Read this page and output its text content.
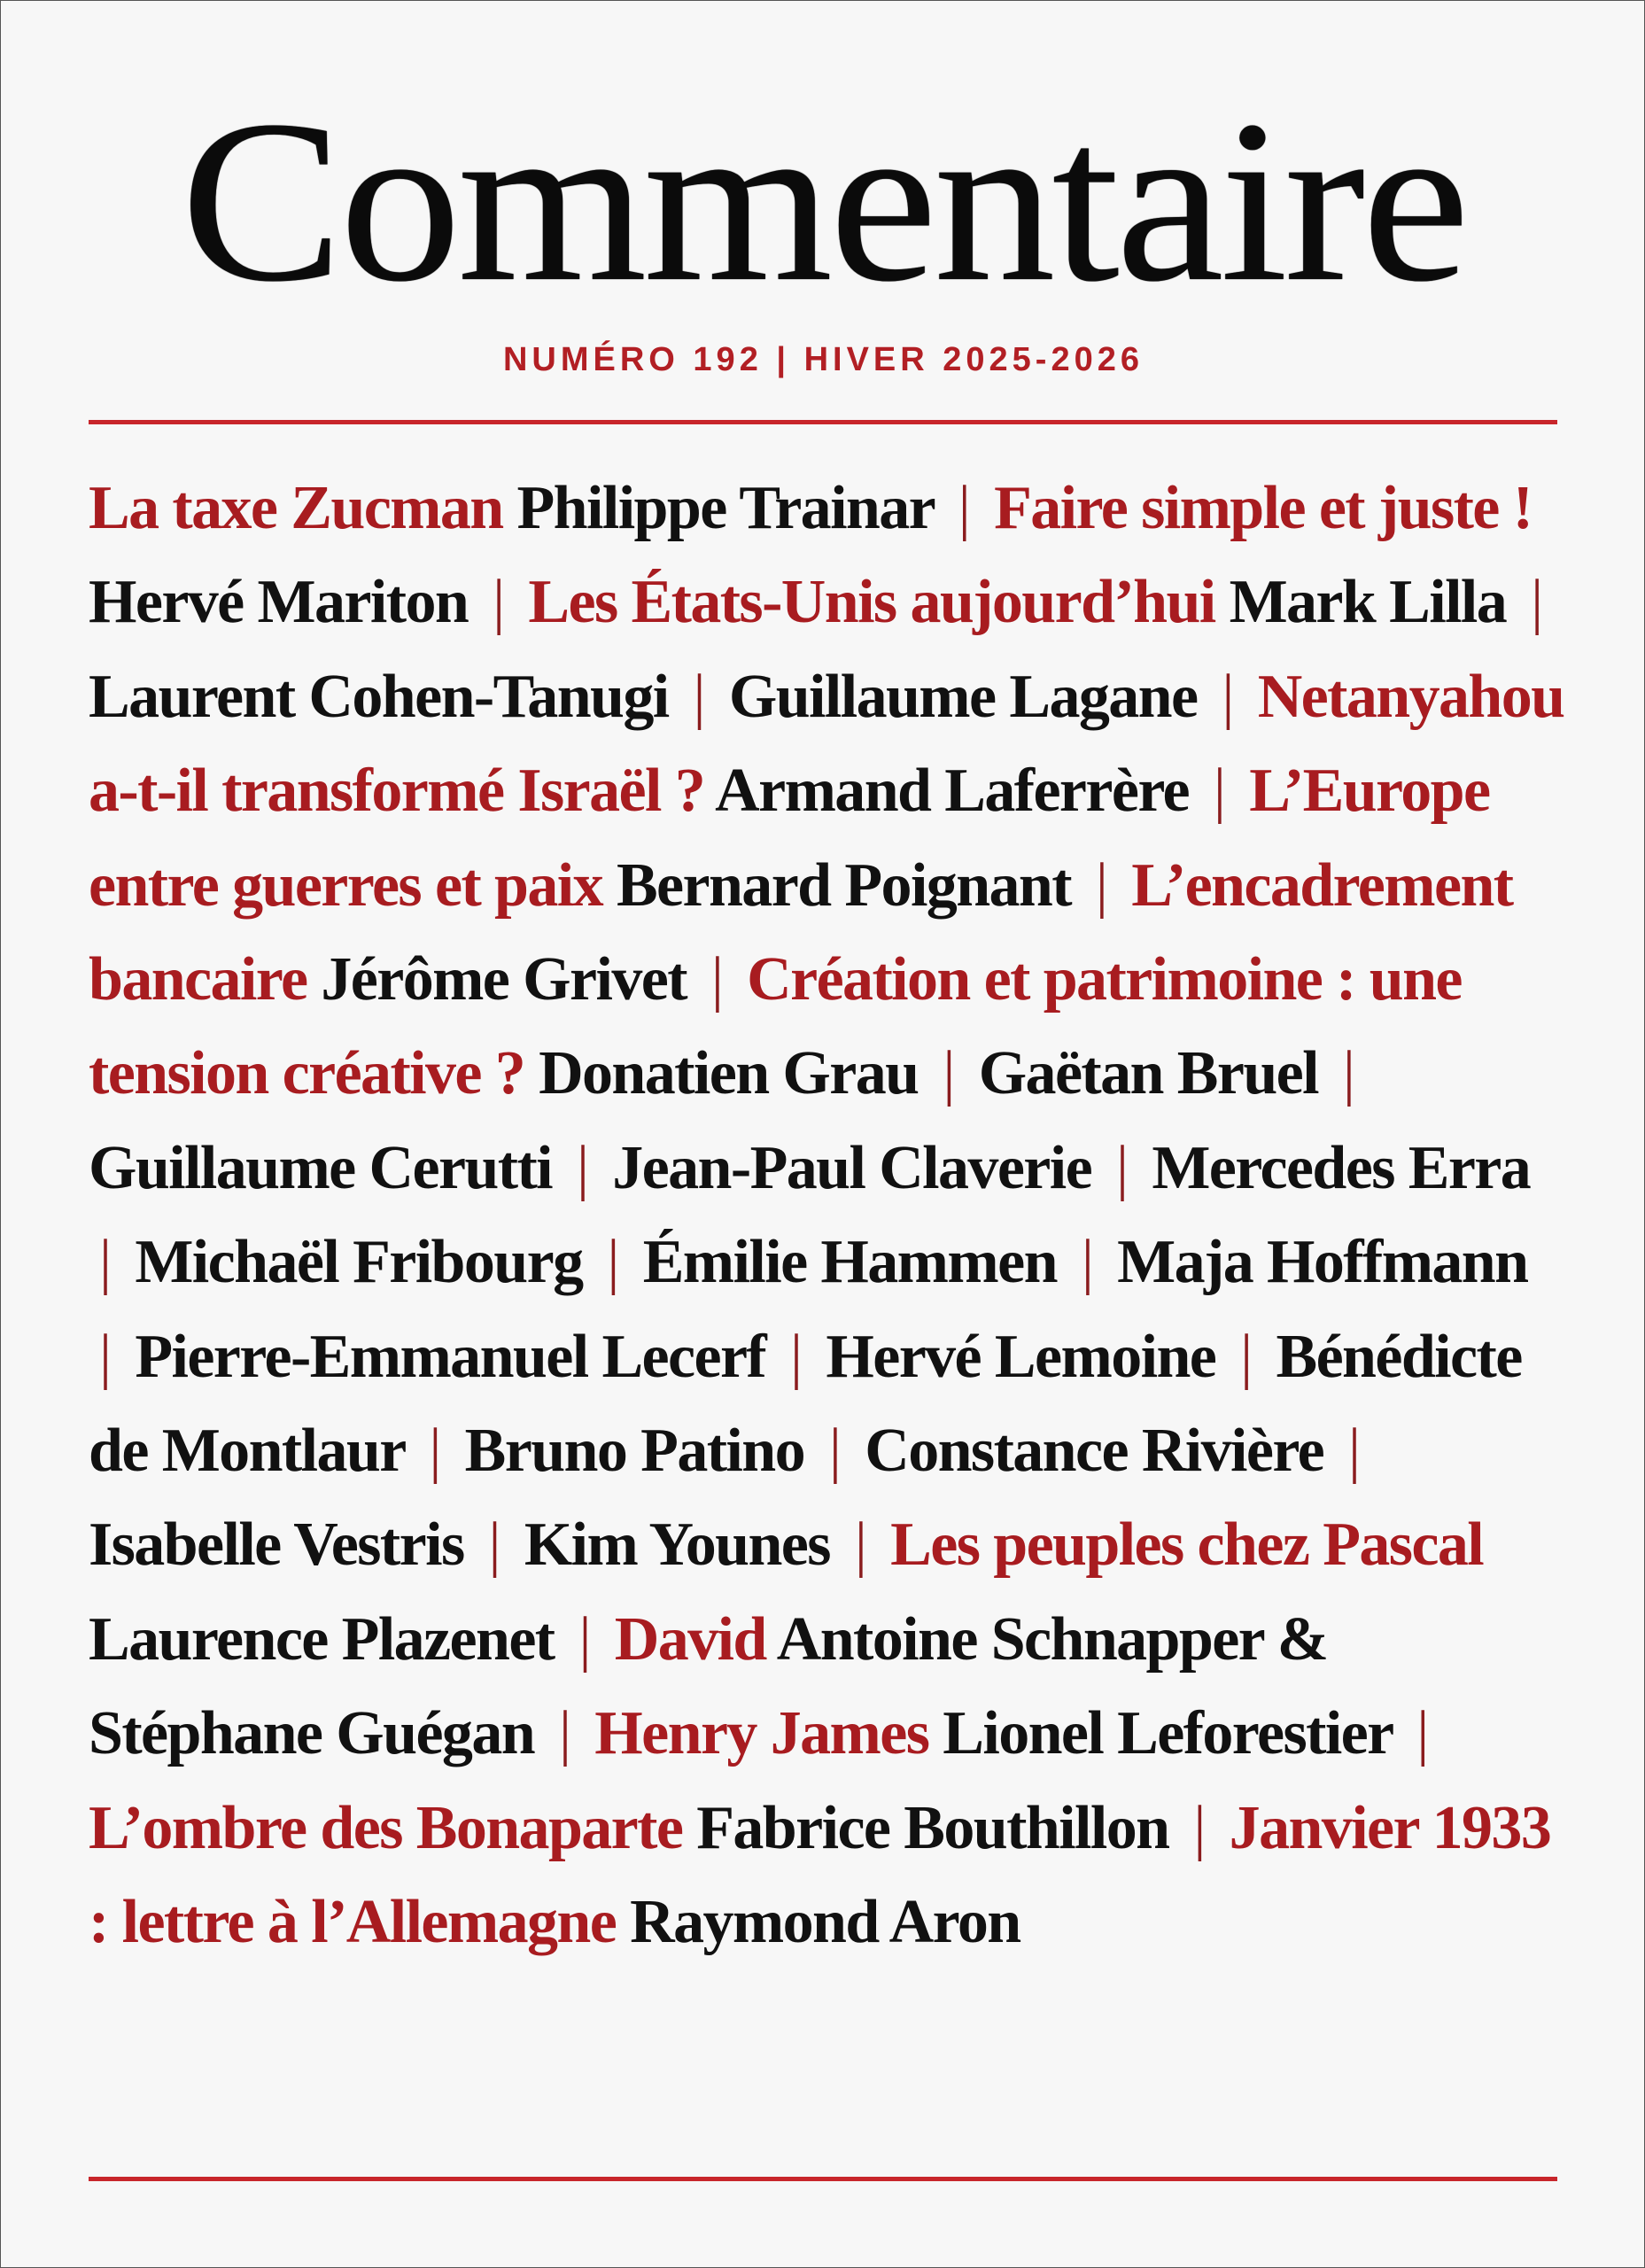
Commentaire
NUMÉRO 192 | HIVER 2025-2026
La taxe Zucman Philippe Trainar | Faire simple et juste ! Hervé Mariton | Les États-Unis aujourd’hui Mark Lilla | Laurent Cohen-Tanugi | Guillaume Lagane | Netanyahou a-t-il transformé Israël ? Armand Laferrère | L’Europe entre guerres et paix Bernard Poignant | L’encadrement bancaire Jérôme Grivet | Création et patrimoine : une tension créative ? Donatien Grau | Gaëtan Bruel | Guillaume Cerutti | Jean-Paul Claverie | Mercedes Erra | Michaël Fribourg | Émilie Hammen | Maja Hoffmann | Pierre-Emmanuel Lecerf | Hervé Lemoine | Bénédicte de Montlaur | Bruno Patino | Constance Rivière | Isabelle Vestris | Kim Younes | Les peuples chez Pascal Laurence Plazenet | David Antoine Schnapper & Stéphane Guégan | Henry James Lionel Leforestier | L’ombre des Bonaparte Fabrice Bouthillon | Janvier 1933 : lettre à l’Allemagne Raymond Aron
